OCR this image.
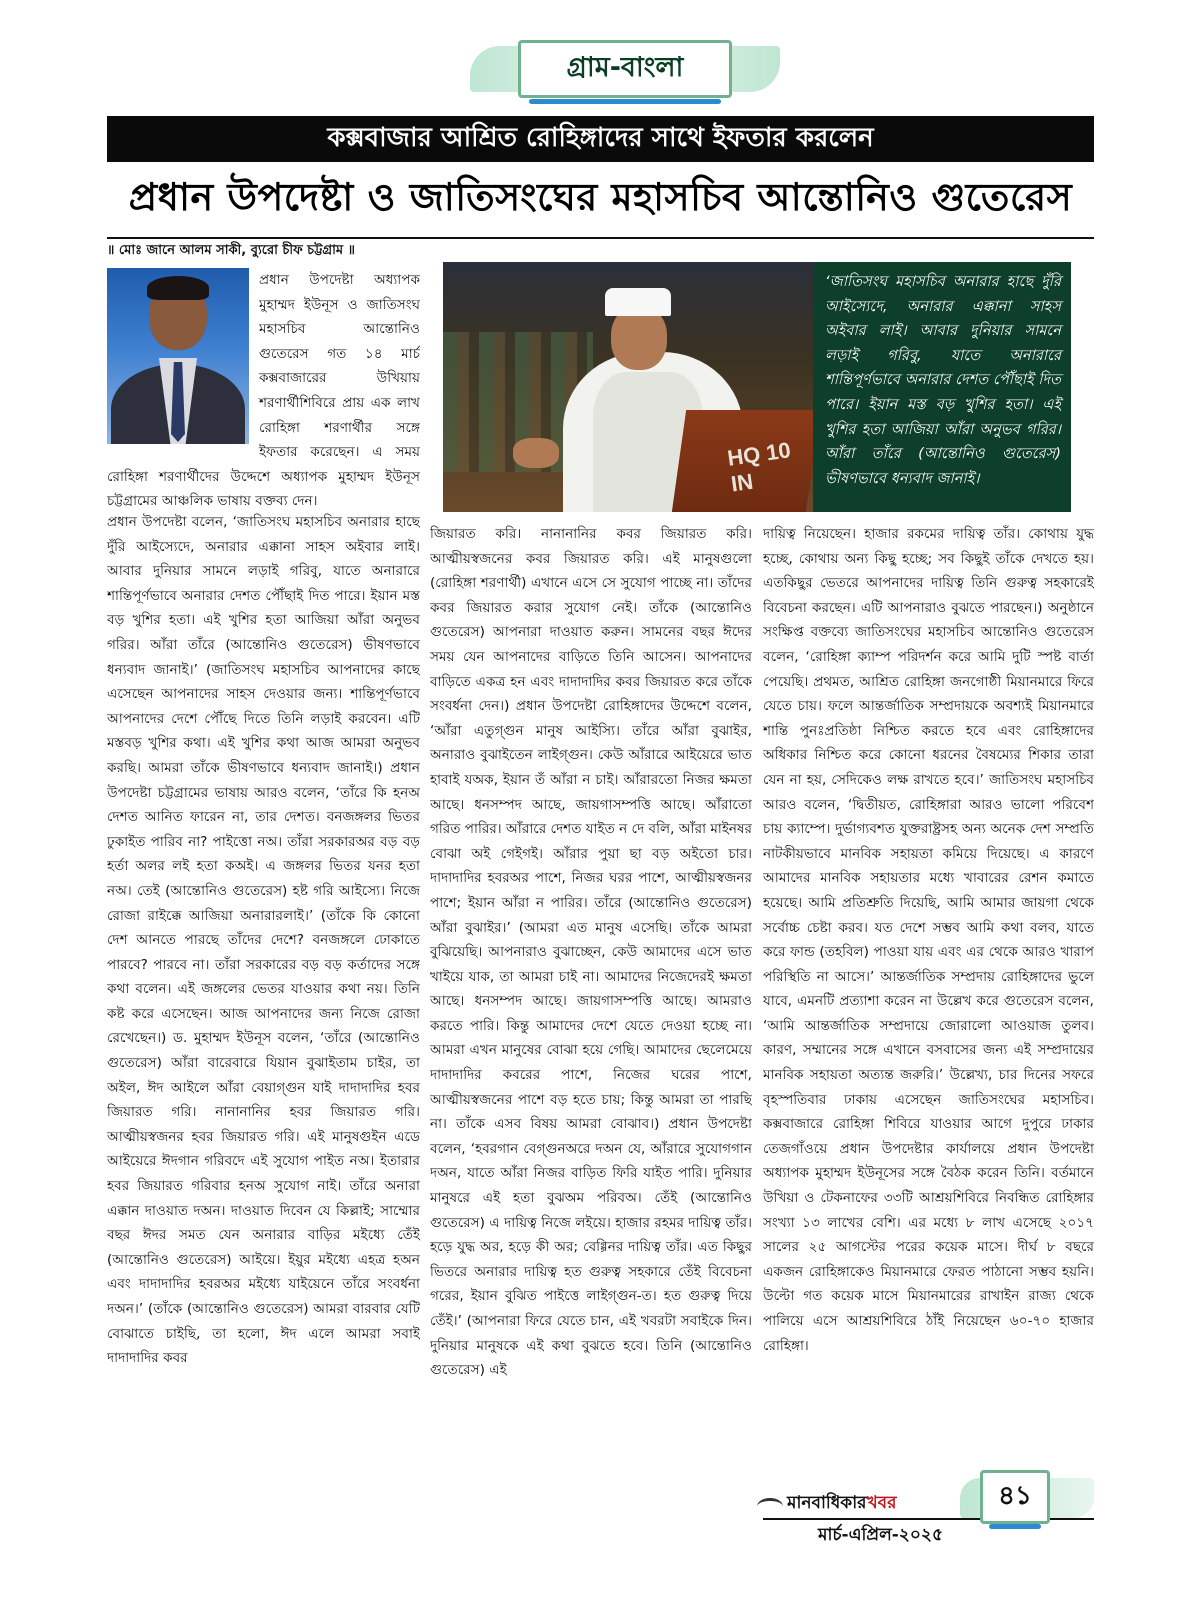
গ্রাম-বাংলা
কক্সবাজার আশ্রিত রোহিঙ্গাদের সাথে ইফতার করলেন
প্রধান উপদেষ্টা ও জাতিসংঘের মহাসচিব আন্তোনিও গুতেরেস
॥ মোঃ জানে আলম সাকী, ব্যুরো চীফ চট্টগ্রাম ॥

প্রধান উপদেষ্টা অধ্যাপক মুহাম্মদ ইউনূস ও জাতিসংঘ মহাসচিব আন্তোনিও গুতেরেস গত ১৪ মার্চ কক্সবাজারের উখিয়ায় শরণার্থীশিবিরে প্রায় এক লাখ রোহিঙ্গা শরণার্থীর সঙ্গে ইফতার করেছেন। এ সময় রোহিঙ্গা শরণার্থীদের উদ্দেশে অধ্যাপক মুহাম্মদ ইউনূস চট্টগ্রামের আঞ্চলিক ভাষায় বক্তব্য দেন।

প্রধান উপদেষ্টা বলেন, ‘জাতিসংঘ মহাসচিব অনারার হাছে দুঁরি আইস্যেদে, অনারার এক্কানা সাহস অইবার লাই। আবার দুনিয়ার সামনে লড়াই গরিবু, যাতে অনারারে শান্তিপূর্ণভাবে অনারার দেশত পৌঁছাই দিত পারে। ইয়ান মস্ত বড় খুশির হতা। এই খুশির হতা আজিয়া আঁরা অনুভব গরির। আঁরা তাঁরে (আন্তোনিও গুতেরেস) ভীষণভাবে ধন্যবাদ জানাই।’ (জাতিসংঘ মহাসচিব আপনাদের কাছে এসেছেন আপনাদের সাহস দেওয়ার জন্য। শান্তিপূর্ণভাবে আপনাদের দেশে পৌঁছে দিতে তিনি লড়াই করবেন। এটি মস্তবড় খুশির কথা। এই খুশির কথা আজ আমরা অনুভব করছি। আমরা তাঁকে ভীষণভাবে ধন্যবাদ জানাই।) প্রধান উপদেষ্টা চট্টগ্রামের ভাষায় আরও বলেন, ‘তাঁরে কি হনঅ দেশত আনিত ফারেন না, তার দেশত। বনজঙ্গলর ভিতর ঢুকাইত পারিব না? পাইত্তো নঅ। তাঁরা সরকারঅর বড় বড় হর্তা অলর লই হতা কঅই। এ জঙ্গলর ভিতর যনর হতা নঅ। তেই (আন্তোনিও গুতেরেস) হষ্ট গরি আইস্যে। নিজে রোজা রাইক্কে আজিয়া অনারারলাই।’ (তাঁকে কি কোনো দেশ আনতে পারছে তাঁদের দেশে? বনজঙ্গলে ঢোকাতে পারবে? পারবে না। তাঁরা সরকারের বড় বড় কর্তাদের সঙ্গে কথা বলেন। এই জঙ্গলের ভেতর যাওয়ার কথা নয়। তিনি কষ্ট করে এসেছেন। আজ আপনাদের জন্য নিজে রোজা রেখেছেন।) ড. মুহাম্মদ ইউনূস বলেন, ‘তাঁরে (আন্তোনিও গুতেরেস) আঁরা বারেবারে যিয়ান বুঝাইতাম চাইর, তা অইল, ঈদ আইলে আঁরা বেয়াগ্গুন যাই দাদাদাদির হবর জিয়ারত গরি। নানানানির হবর জিয়ারত গরি। আত্মীয়স্বজনর হবর জিয়ারত গরি। এই মানুষগুইন এডে আইয়েরে ঈদগান গরিবদে এই সুযোগ পাইত নঅ। ইতারার হবর জিয়ারত গরিবার হনঅ সুযোগ নাই। তাঁরে অনারা এক্কান দাওয়াত দঅন। দাওয়াত দিবেন যে কিল্লাই; সাম্মোর বছর ঈদর সমত যেন অনারার বাড়ির মইধ্যে তেঁই (আন্তোনিও গুতেরেস) আইয়ে। ইয়ুর মইধ্যে এহত্র হঅন এবং দাদাদাদির হবরঅর মইধ্যে যাইয়েনে তাঁরে সংবর্ধনা দঅন।’ (তাঁকে (আন্তোনিও গুতেরেস) আমরা বারবার যেটি বোঝাতে চাইছি, তা হলো, ঈদ এলে আমরা সবাই দাদাদাদির কবর

HQ 10 IN

‘জাতিসংঘ মহাসচিব অনারার হাছে দুঁরি আইস্যেদে, অনারার এক্কানা সাহস অইবার লাই। আবার দুনিয়ার সামনে লড়াই গরিবু, যাতে অনারারে শান্তিপূর্ণভাবে অনারার দেশত পৌঁছাই দিত পারে। ইয়ান মস্ত বড় খুশির হতা। এই খুশির হতা আজিয়া আঁরা অনুভব গরির। আঁরা তাঁরে (আন্তোনিও গুতেরেস) ভীষণভাবে ধন্যবাদ জানাই।

জিয়ারত করি। নানানানির কবর জিয়ারত করি। আত্মীয়স্বজনের কবর জিয়ারত করি। এই মানুষগুলো (রোহিঙ্গা শরণার্থী) এখানে এসে সে সুযোগ পাচ্ছে না। তাঁদের কবর জিয়ারত করার সুযোগ নেই। তাঁকে (আন্তোনিও গুতেরেস) আপনারা দাওয়াত করুন। সামনের বছর ঈদের সময় যেন আপনাদের বাড়িতে তিনি আসেন। আপনাদের বাড়িতে একত্র হন এবং দাদাদাদির কবর জিয়ারত করে তাঁকে সংবর্ধনা দেন।) প্রধান উপদেষ্টা রোহিঙ্গাদের উদ্দেশে বলেন, ‘আঁরা এতুগ্গুন মানুষ আইস্যি। তাঁরে আঁরা বুঝাইর, অনারাও বুঝাইতেন লাইগ্গুন। কেউ আঁরারে আইয়েরে ভাত হাবাই যঅক, ইয়ান তঁ আঁরা ন চাই। আঁরারতো নিজর ক্ষমতা আছে। ধনসম্পদ আছে, জায়গাসম্পত্তি আছে। আঁরাতো গরিত পারির। আঁরারে দেশত যাইত ন দে বলি, আঁরা মাইনষর বোঝা অই গেইগই। আঁরার পুয়া ছা বড় অইতো চার। দাদাদাদির হবরঅর পাশে, নিজর ঘরর পাশে, আত্মীয়স্বজনর পাশে; ইয়ান আঁরা ন পারির। তাঁরে (আন্তোনিও গুতেরেস) আঁরা বুঝাইর।’ (আমরা এত মানুষ এসেছি। তাঁকে আমরা বুঝিয়েছি। আপনারাও বুঝাচ্ছেন, কেউ আমাদের এসে ভাত খাইয়ে যাক, তা আমরা চাই না। আমাদের নিজেদেরই ক্ষমতা আছে। ধনসম্পদ আছে। জায়গাসম্পত্তি আছে। আমরাও করতে পারি। কিন্তু আমাদের দেশে যেতে দেওয়া হচ্ছে না। আমরা এখন মানুষের বোঝা হয়ে গেছি। আমাদের ছেলেমেয়ে দাদাদাদির কবরের পাশে, নিজের ঘরের পাশে, আত্মীয়স্বজনের পাশে বড় হতে চায়; কিন্তু আমরা তা পারছি না। তাঁকে এসব বিষয় আমরা বোঝাব।) প্রধান উপদেষ্টা বলেন, ‘হবরগান বেগ্গুনঅরে দঅন যে, আঁরারে সুযোগগান দঅন, যাতে আঁরা নিজর বাড়িত ফিরি যাইত পারি। দুনিয়ার মানুষরে এই হতা বুঝঅম পরিবঅ। তেঁই (আন্তোনিও গুতেরেস) এ দায়িত্ব নিজে লইয়ে। হাজার রহমর দায়িত্ব তাঁর। হড়ে যুদ্ধ অর, হড়ে কী অর; বেগ্গিনর দায়িত্ব তাঁর। এত কিছুর ভিতরে অনারার দায়িত্ব হত গুরুত্ব সহকারে তেঁই বিবেচনা গরের, ইয়ান বুঝিত পাইত্তে লাইগ্গুন-ত। হত গুরুত্ব দিয়ে তেঁই।’ (আপনারা ফিরে যেতে চান, এই খবরটা সবাইকে দিন। দুনিয়ার মানুষকে এই কথা বুঝতে হবে। তিনি (আন্তোনিও গুতেরেস) এই

দায়িত্ব নিয়েছেন। হাজার রকমের দায়িত্ব তাঁর। কোথায় যুদ্ধ হচ্ছে, কোথায় অন্য কিছু হচ্ছে; সব কিছুই তাঁকে দেখতে হয়। এতকিছুর ভেতরে আপনাদের দায়িত্ব তিনি গুরুত্ব সহকারেই বিবেচনা করছেন। এটি আপনারাও বুঝতে পারছেন।) অনুষ্ঠানে সংক্ষিপ্ত বক্তব্যে জাতিসংঘের মহাসচিব আন্তোনিও গুতেরেস বলেন, ‘রোহিঙ্গা ক্যাম্প পরিদর্শন করে আমি দুটি স্পষ্ট বার্তা পেয়েছি। প্রথমত, আশ্রিত রোহিঙ্গা জনগোষ্ঠী মিয়ানমারে ফিরে যেতে চায়। ফলে আন্তর্জাতিক সম্প্রদায়কে অবশ্যই মিয়ানমারে শান্তি পুনঃপ্রতিষ্ঠা নিশ্চিত করতে হবে এবং রোহিঙ্গাদের অধিকার নিশ্চিত করে কোনো ধরনের বৈষম্যের শিকার তারা যেন না হয়, সেদিকেও লক্ষ রাখতে হবে।’ জাতিসংঘ মহাসচিব আরও বলেন, ‘দ্বিতীয়ত, রোহিঙ্গারা আরও ভালো পরিবেশ চায় ক্যাম্পে। দুর্ভাগ্যবশত যুক্তরাষ্ট্রসহ অন্য অনেক দেশ সম্প্রতি নাটকীয়ভাবে মানবিক সহায়তা কমিয়ে দিয়েছে। এ কারণে আমাদের মানবিক সহায়তার মধ্যে খাবারের রেশন কমাতে হয়েছে। আমি প্রতিশ্রুতি দিয়েছি, আমি আমার জায়গা থেকে সর্বোচ্চ চেষ্টা করব। যত দেশে সম্ভব আমি কথা বলব, যাতে করে ফান্ড (তহবিল) পাওয়া যায় এবং এর থেকে আরও খারাপ পরিস্থিতি না আসে।’ আন্তর্জাতিক সম্প্রদায় রোহিঙ্গাদের ভুলে যাবে, এমনটি প্রত্যাশা করেন না উল্লেখ করে গুতেরেস বলেন, ‘আমি আন্তর্জাতিক সম্প্রদায়ে জোরালো আওয়াজ তুলব। কারণ, সম্মানের সঙ্গে এখানে বসবাসের জন্য এই সম্প্রদায়ের মানবিক সহায়তা অত্যন্ত জরুরি।’ উল্লেখ্য, চার দিনের সফরে বৃহস্পতিবার ঢাকায় এসেছেন জাতিসংঘের মহাসচিব। কক্সবাজারে রোহিঙ্গা শিবিরে যাওয়ার আগে দুপুরে ঢাকার তেজগাঁওয়ে প্রধান উপদেষ্টার কার্যালয়ে প্রধান উপদেষ্টা অধ্যাপক মুহাম্মদ ইউনূসের সঙ্গে বৈঠক করেন তিনি। বর্তমানে উখিয়া ও টেকনাফের ৩৩টি আশ্রয়শিবিরে নিবন্ধিত রোহিঙ্গার সংখ্যা ১৩ লাখের বেশি। এর মধ্যে ৮ লাখ এসেছে ২০১৭ সালের ২৫ আগস্টের পরের কয়েক মাসে। দীর্ঘ ৮ বছরে একজন রোহিঙ্গাকেও মিয়ানমারে ফেরত পাঠানো সম্ভব হয়নি। উল্টো গত কয়েক মাসে মিয়ানমারের রাখাইন রাজ্য থেকে পালিয়ে এসে আশ্রয়শিবিরে ঠাঁই নিয়েছেন ৬০-৭০ হাজার রোহিঙ্গা।

মানবাধিকার খবর
মার্চ-এপ্রিল-২০২৫
৪১
